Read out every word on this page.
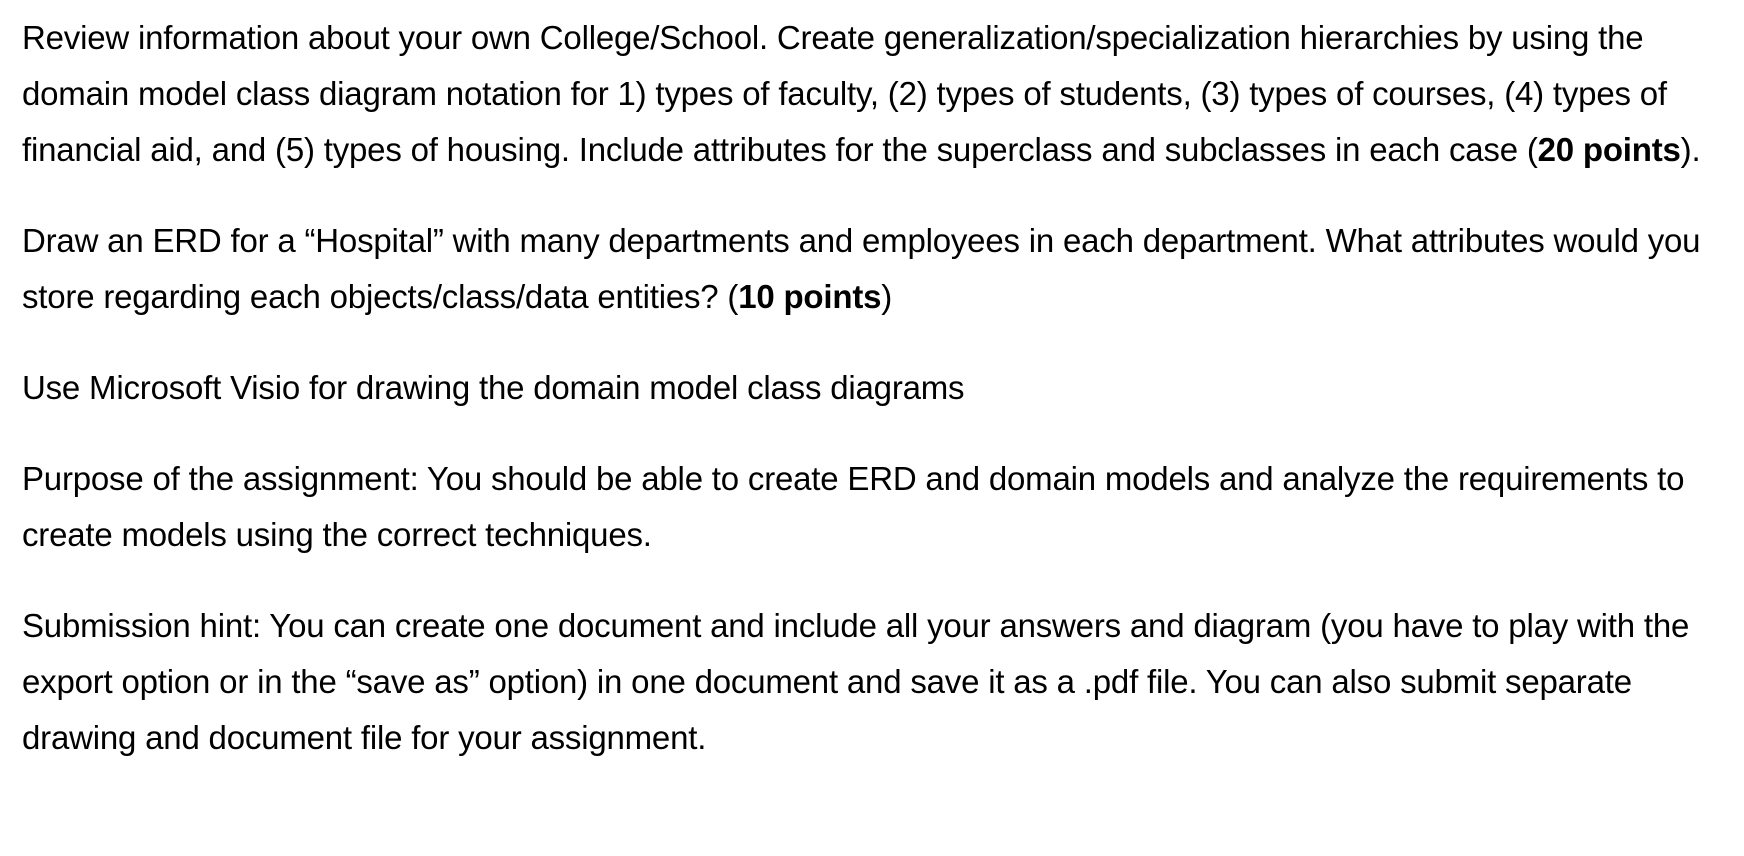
Review information about your own College/School. Create generalization/specialization hierarchies by using the domain model class diagram notation for 1) types of faculty, (2) types of students, (3) types of courses, (4) types of financial aid, and (5) types of housing. Include attributes for the superclass and subclasses in each case (20 points).

Draw an ERD for a “Hospital” with many departments and employees in each department. What attributes would you store regarding each objects/class/data entities? (10 points)

Use Microsoft Visio for drawing the domain model class diagrams

Purpose of the assignment: You should be able to create ERD and domain models and analyze the requirements to create models using the correct techniques.

Submission hint: You can create one document and include all your answers and diagram (you have to play with the export option or in the “save as” option) in one document and save it as a .pdf file. You can also submit separate drawing and document file for your assignment.
